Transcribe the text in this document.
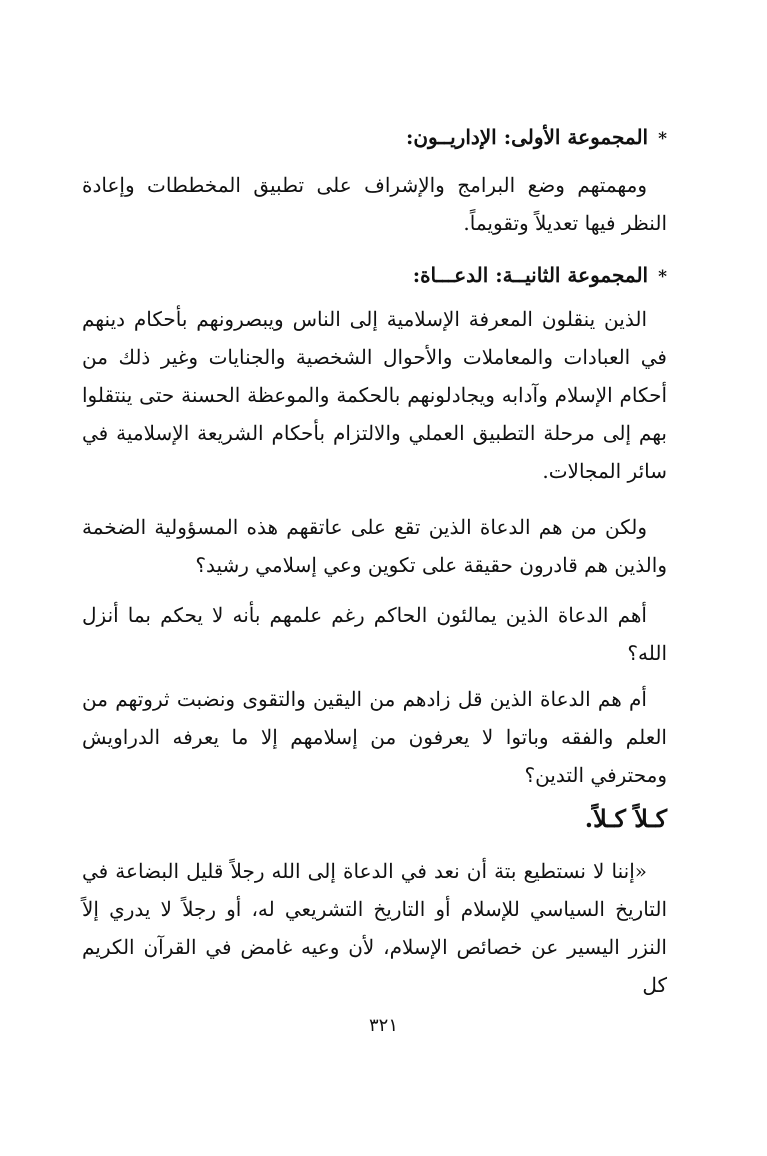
*المجموعة الأولى: الإداريــون:
ومهمتهم وضع البرامج والإشراف على تطبيق المخططات وإعادة النظر فيها تعديلاً وتقويماً.
*المجموعة الثانيــة: الدعـــاة:
الذين ينقلون المعرفة الإسلامية إلى الناس ويبصرونهم بأحكام دينهم في العبادات والمعاملات والأحوال الشخصية والجنايات وغير ذلك من أحكام الإسلام وآدابه ويجادلونهم بالحكمة والموعظة الحسنة حتى ينتقلوا بهم إلى مرحلة التطبيق العملي والالتزام بأحكام الشريعة الإسلامية في سائر المجالات.
ولكن من هم الدعاة الذين تقع على عاتقهم هذه المسؤولية الضخمة والذين هم قادرون حقيقة على تكوين وعي إسلامي رشيد؟
أهم الدعاة الذين يمالئون الحاكم رغم علمهم بأنه لا يحكم بما أنزل الله؟
أم هم الدعاة الذين قل زادهم من اليقين والتقوى ونضبت ثروتهم من العلم والفقه وباتوا لا يعرفون من إسلامهم إلا ما يعرفه الدراويش ومحترفي التدين؟
كـلاً كـلاً.
«إننا لا نستطيع بتة أن نعد في الدعاة إلى الله رجلاً قليل البضاعة في التاريخ السياسي للإسلام أو التاريخ التشريعي له، أو رجلاً لا يدري إلاً النزر اليسير عن خصائص الإسلام، لأن وعيه غامض في القرآن الكريم كل
٣٢١
